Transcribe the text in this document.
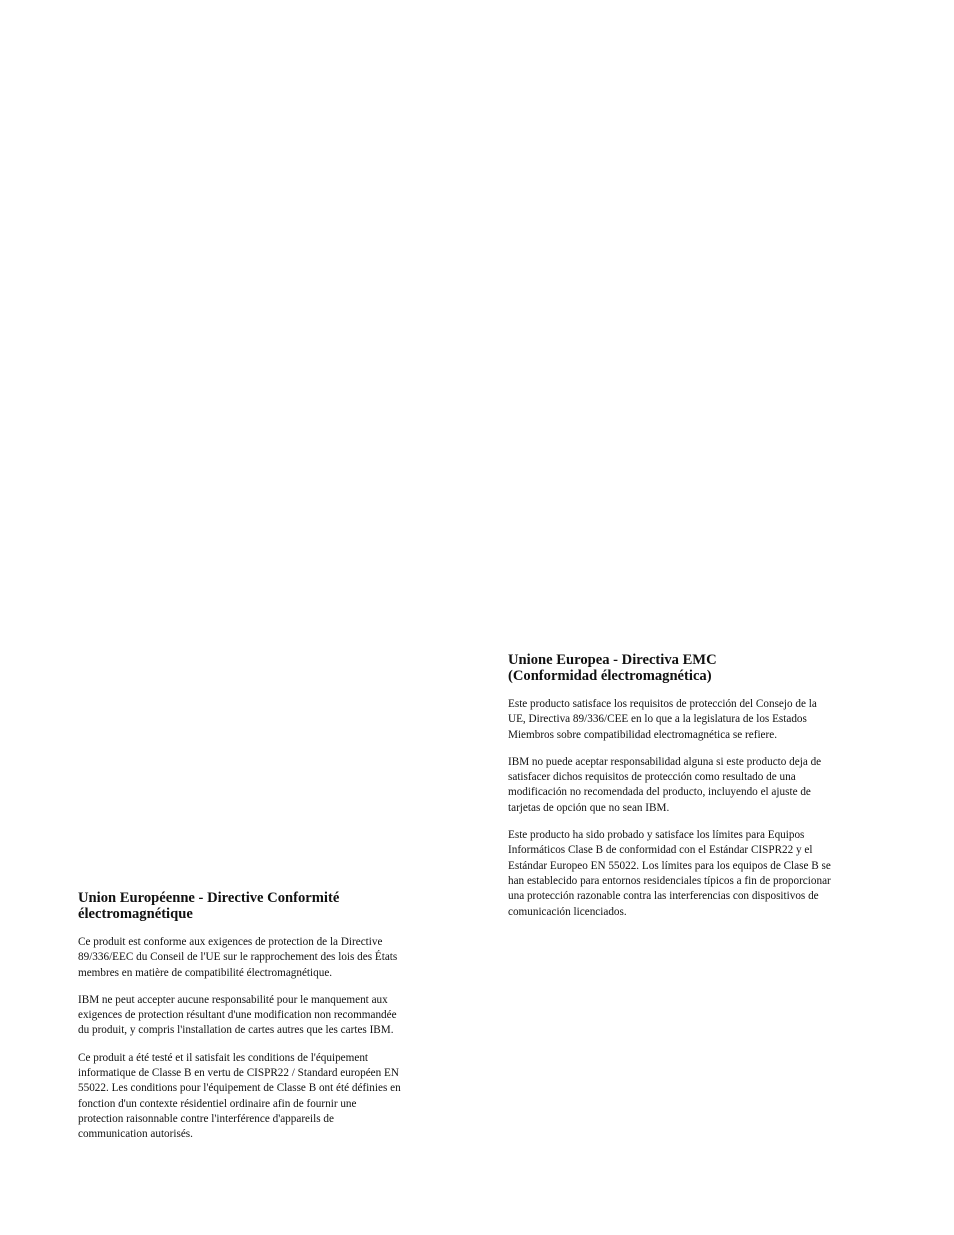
Unione Europea - Directiva EMC
(Conformidad électromagnética)

Este producto satisface los requisitos de protección del Consejo de la
UE, Directiva 89/336/CEE en lo que a la legislatura de los Estados
Miembros sobre compatibilidad electromagnética se refiere.

IBM no puede aceptar responsabilidad alguna si este producto deja de
satisfacer dichos requisitos de protección como resultado de una
modificación no recomendada del producto, incluyendo el ajuste de
tarjetas de opción que no sean IBM.

Este producto ha sido probado y satisface los límites para Equipos
Informáticos Clase B de conformidad con el Estándar CISPR22 y el
Estándar Europeo EN 55022. Los límites para los equipos de Clase B se
han establecido para entornos residenciales típicos a fin de proporcionar
una protección razonable contra las interferencias con dispositivos de
comunicación licenciados.

Union Européenne - Directive Conformité
électromagnétique

Ce produit est conforme aux exigences de protection de la Directive
89/336/EEC du Conseil de l'UE sur le rapprochement des lois des États
membres en matière de compatibilité électromagnétique.

IBM ne peut accepter aucune responsabilité pour le manquement aux
exigences de protection résultant d'une modification non recommandée
du produit, y compris l'installation de cartes autres que les cartes IBM.

Ce produit a été testé et il satisfait les conditions de l'équipement
informatique de Classe B en vertu de CISPR22 / Standard européen EN
55022. Les conditions pour l'équipement de Classe B ont été définies en
fonction d'un contexte résidentiel ordinaire afin de fournir une
protection raisonnable contre l'interférence d'appareils de
communication autorisés.
